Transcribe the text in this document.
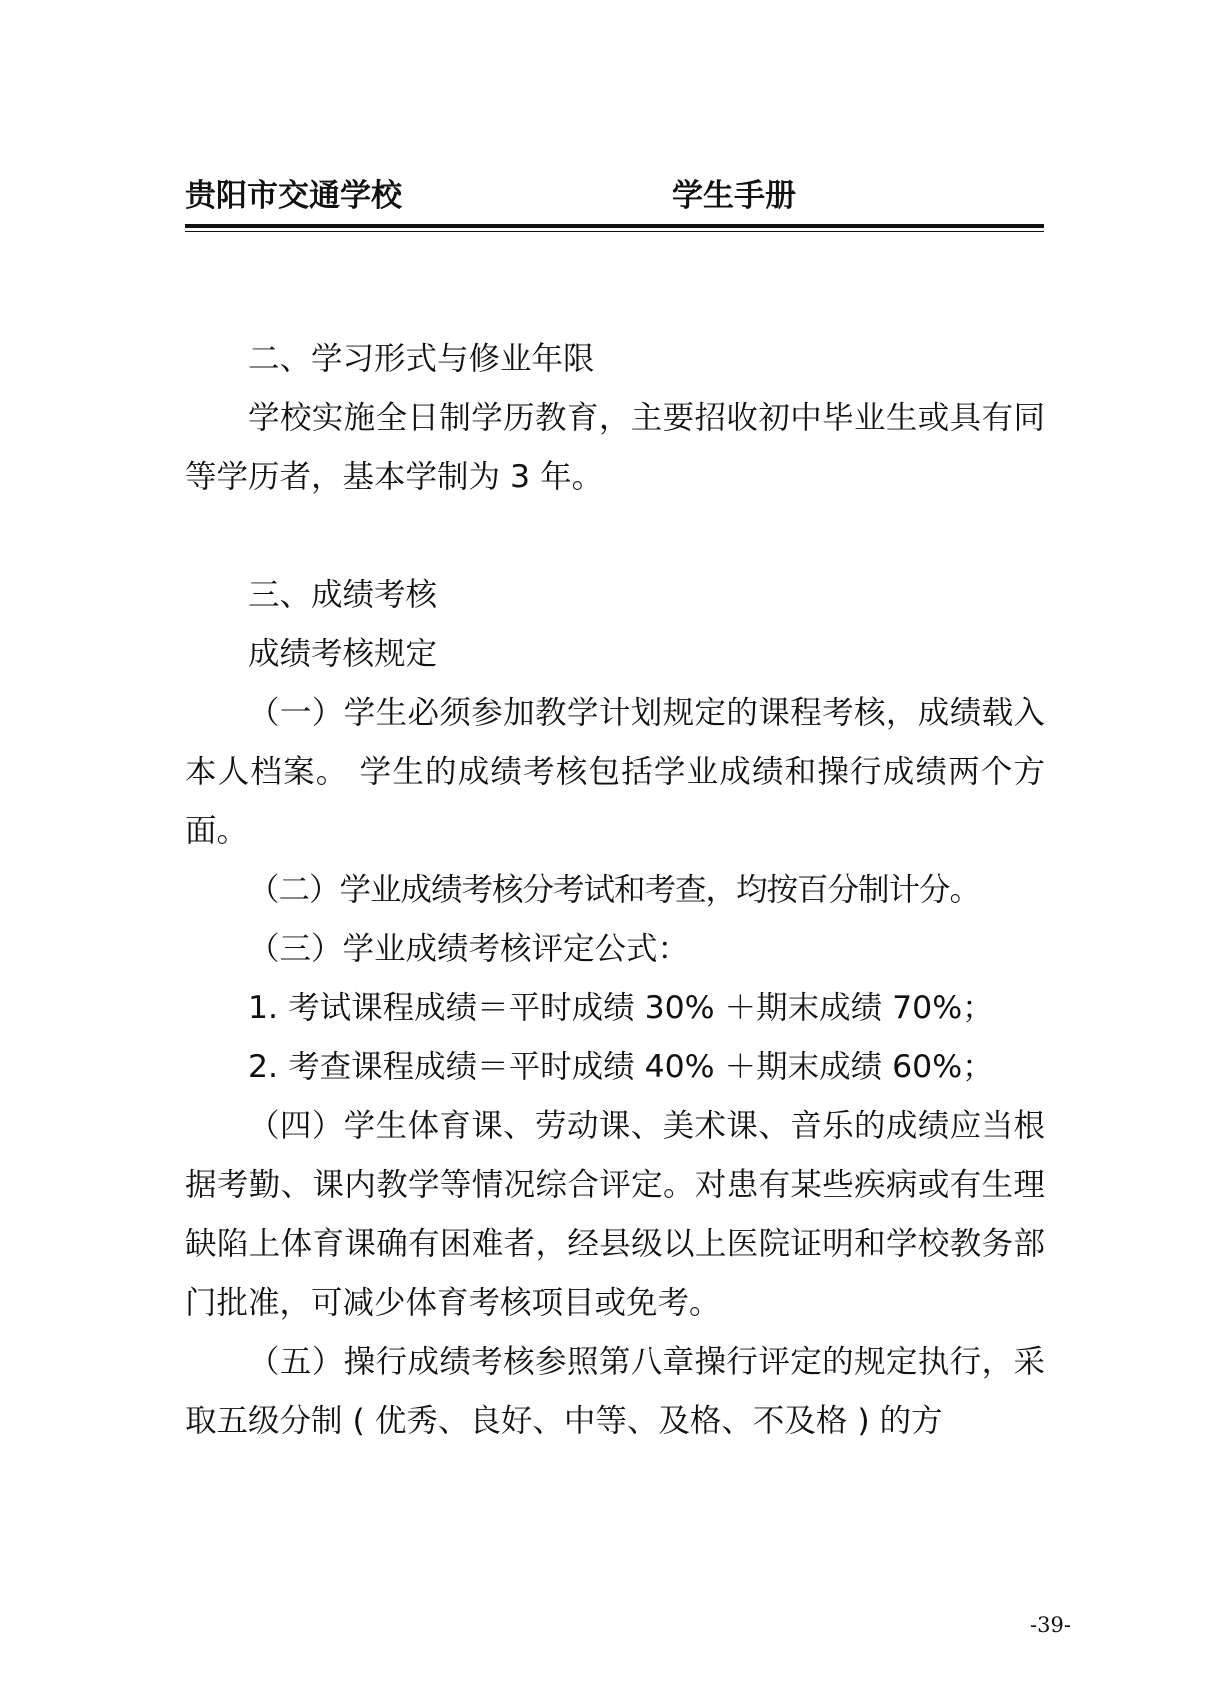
贵阳市交通学校	学生手册

二、学习形式与修业年限

学校实施全日制学历教育，主要招收初中毕业生或具有同等学历者，基本学制为 3 年。

三、成绩考核

成绩考核规定

（一）学生必须参加教学计划规定的课程考核，成绩载入本人档案。 学生的成绩考核包括学业成绩和操行成绩两个方面。

（二）学业成绩考核分考试和考查，均按百分制计分。

（三）学业成绩考核评定公式：

1. 考试课程成绩＝平时成绩 30% ＋期末成绩 70%；

2. 考查课程成绩＝平时成绩 40% ＋期末成绩 60%；

（四）学生体育课、劳动课、美术课、音乐的成绩应当根据考勤、课内教学等情况综合评定。对患有某些疾病或有生理缺陷上体育课确有困难者，经县级以上医院证明和学校教务部门批准，可减少体育考核项目或免考。

（五）操行成绩考核参照第八章操行评定的规定执行，采取五级分制 ( 优秀、良好、中等、及格、不及格 ) 的方

-39-
